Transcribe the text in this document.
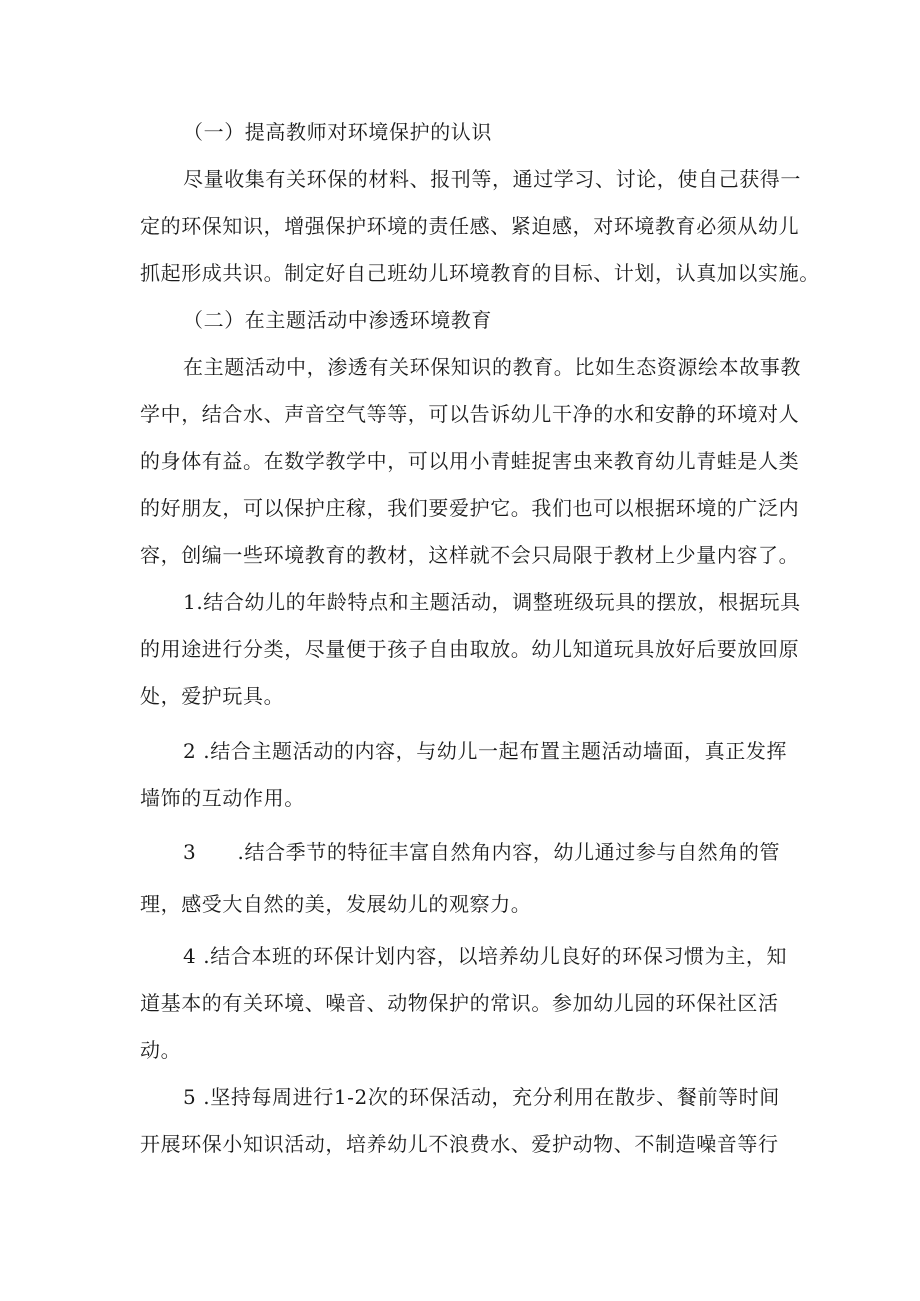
（一）提高教师对环境保护的认识
尽量收集有关环保的材料、报刊等，通过学习、讨论，使自己获得一
定的环保知识，增强保护环境的责任感、紧迫感，对环境教育必须从幼儿
抓起形成共识。制定好自己班幼儿环境教育的目标、计划，认真加以实施。
（二）在主题活动中渗透环境教育
在主题活动中，渗透有关环保知识的教育。比如生态资源绘本故事教
学中，结合水、声音空气等等，可以告诉幼儿干净的水和安静的环境对人
的身体有益。在数学教学中，可以用小青蛙捉害虫来教育幼儿青蛙是人类
的好朋友，可以保护庄稼，我们要爱护它。我们也可以根据环境的广泛内
容，创编一些环境教育的教材，这样就不会只局限于教材上少量内容了。
1.结合幼儿的年龄特点和主题活动，调整班级玩具的摆放，根据玩具
的用途进行分类，尽量便于孩子自由取放。幼儿知道玩具放好后要放回原
处，爱护玩具。
2 .结合主题活动的内容，与幼儿一起布置主题活动墙面，真正发挥
墙饰的互动作用。
3　　.结合季节的特征丰富自然角内容，幼儿通过参与自然角的管
理，感受大自然的美，发展幼儿的观察力。
4 .结合本班的环保计划内容，以培养幼儿良好的环保习惯为主，知
道基本的有关环境、噪音、动物保护的常识。参加幼儿园的环保社区活
动。
5 .坚持每周进行1-2次的环保活动，充分利用在散步、餐前等时间
开展环保小知识活动，培养幼儿不浪费水、爱护动物、不制造噪音等行
